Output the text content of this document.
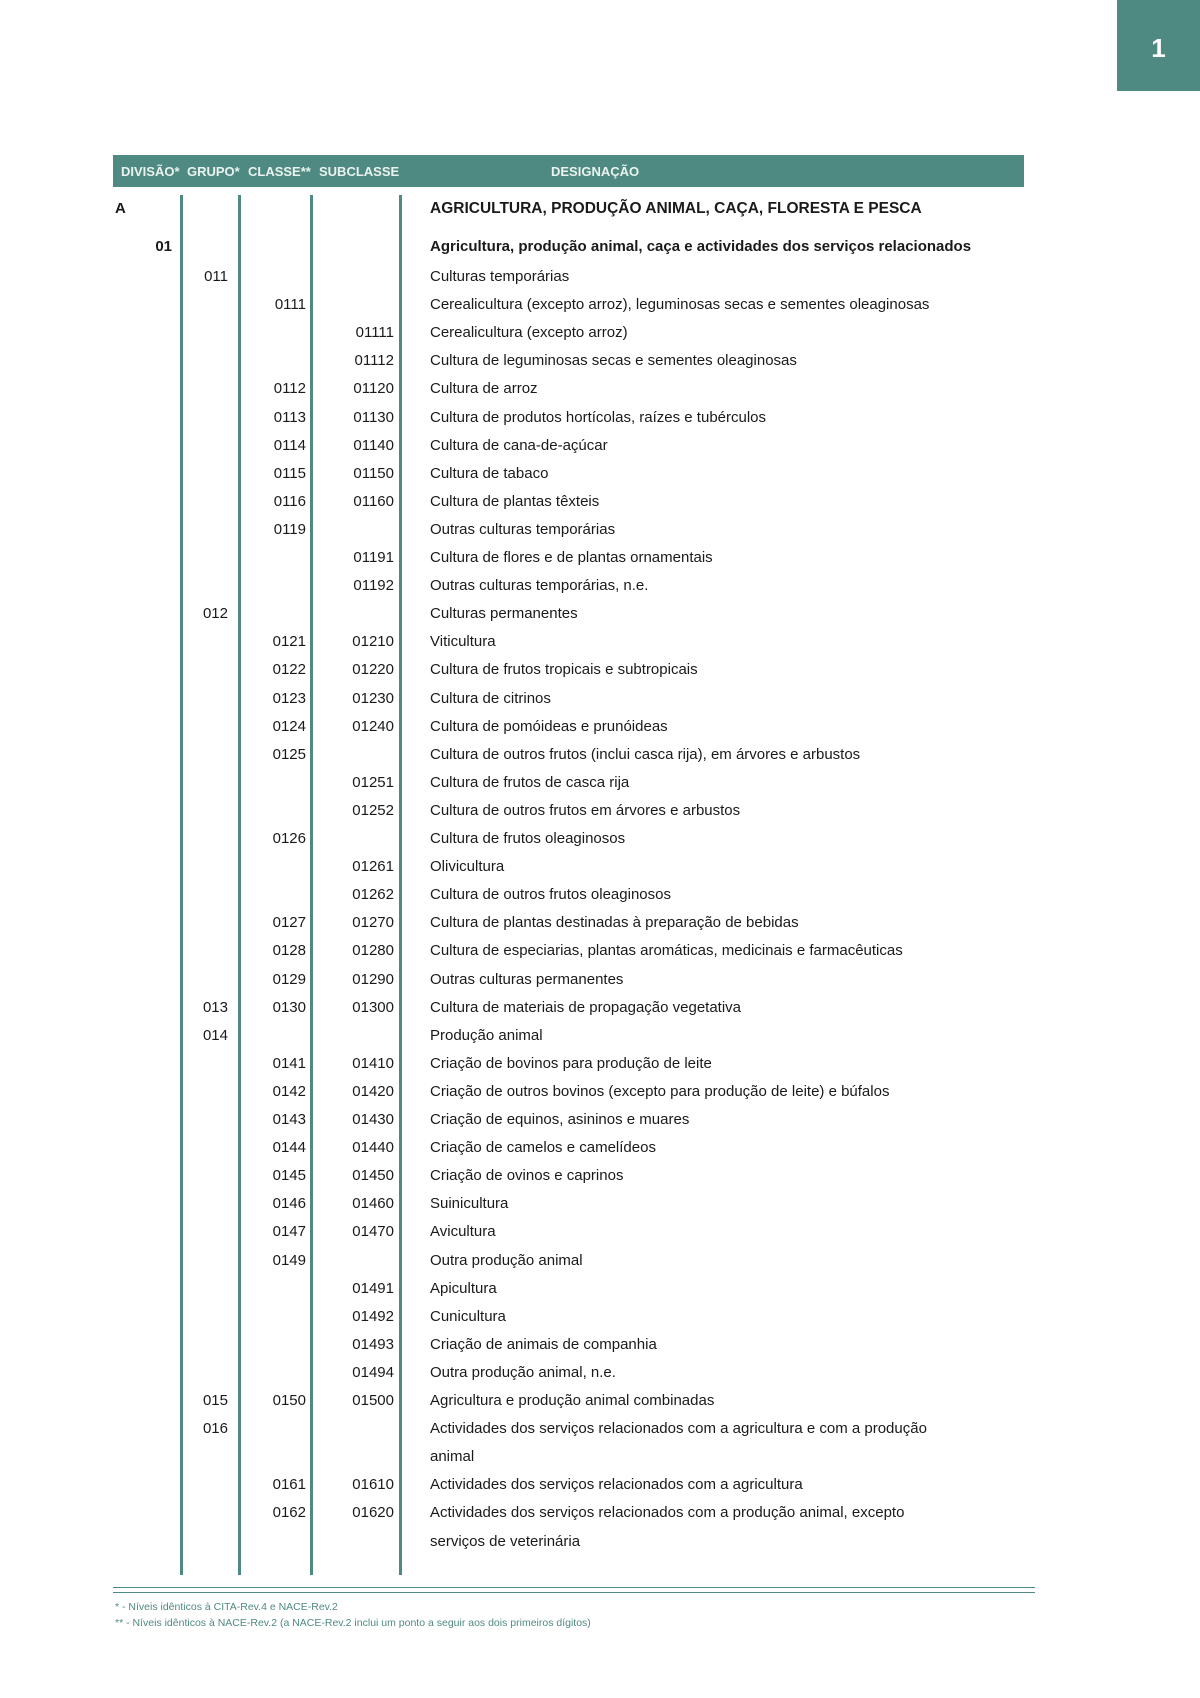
1
DIVISÃO* GRUPO* CLASSE** SUBCLASSE	DESIGNAÇÃO
A	AGRICULTURA, PRODUÇÃO ANIMAL, CAÇA, FLORESTA E PESCA
01	Agricultura, produção animal, caça e actividades dos serviços relacionados
011	Culturas temporárias
0111	Cerealicultura (excepto arroz), leguminosas secas e sementes oleaginosas
01111 Cerealicultura (excepto arroz)
01112 Cultura de leguminosas secas e sementes oleaginosas
0112	01120 Cultura de arroz
0113	01130 Cultura de produtos hortícolas, raízes e tubérculos
0114	01140 Cultura de cana-de-açúcar
0115	01150 Cultura de tabaco
0116	01160 Cultura de plantas têxteis
0119	Outras culturas temporárias
01191 Cultura de flores e de plantas ornamentais
01192 Outras culturas temporárias, n.e.
012	Culturas permanentes
0121	01210 Viticultura
0122	01220 Cultura de frutos tropicais e subtropicais
0123	01230 Cultura de citrinos
0124	01240 Cultura de pomóideas e prunóideas
0125	Cultura de outros frutos (inclui casca rija), em árvores e arbustos
01251 Cultura de frutos de casca rija
01252 Cultura de outros frutos em árvores e arbustos
0126	Cultura de frutos oleaginosos
01261 Olivicultura
01262 Cultura de outros frutos oleaginosos
0127	01270 Cultura de plantas destinadas à preparação de bebidas
0128	01280 Cultura de especiarias, plantas aromáticas, medicinais e farmacêuticas
0129	01290 Outras culturas permanentes
013	0130	01300 Cultura de materiais de propagação vegetativa
014	Produção animal
0141	01410 Criação de bovinos para produção de leite
0142	01420 Criação de outros bovinos (excepto para produção de leite) e búfalos
0143	01430 Criação de equinos, asininos e muares
0144	01440 Criação de camelos e camelídeos
0145	01450 Criação de ovinos e caprinos
0146	01460 Suinicultura
0147	01470 Avicultura
0149	Outra produção animal
01491 Apicultura
01492 Cunicultura
01493 Criação de animais de companhia
01494 Outra produção animal, n.e.
015	0150	01500 Agricultura e produção animal combinadas
016	Actividades dos serviços relacionados com a agricultura e com a produção
animal
0161	01610 Actividades dos serviços relacionados com a agricultura
0162	01620 Actividades dos serviços relacionados com a produção animal, excepto
serviços de veterinária
* - Níveis idênticos à CITA-Rev.4 e NACE-Rev.2
** - Níveis idênticos à NACE-Rev.2 (a NACE-Rev.2 inclui um ponto a seguir aos dois primeiros dígitos)
